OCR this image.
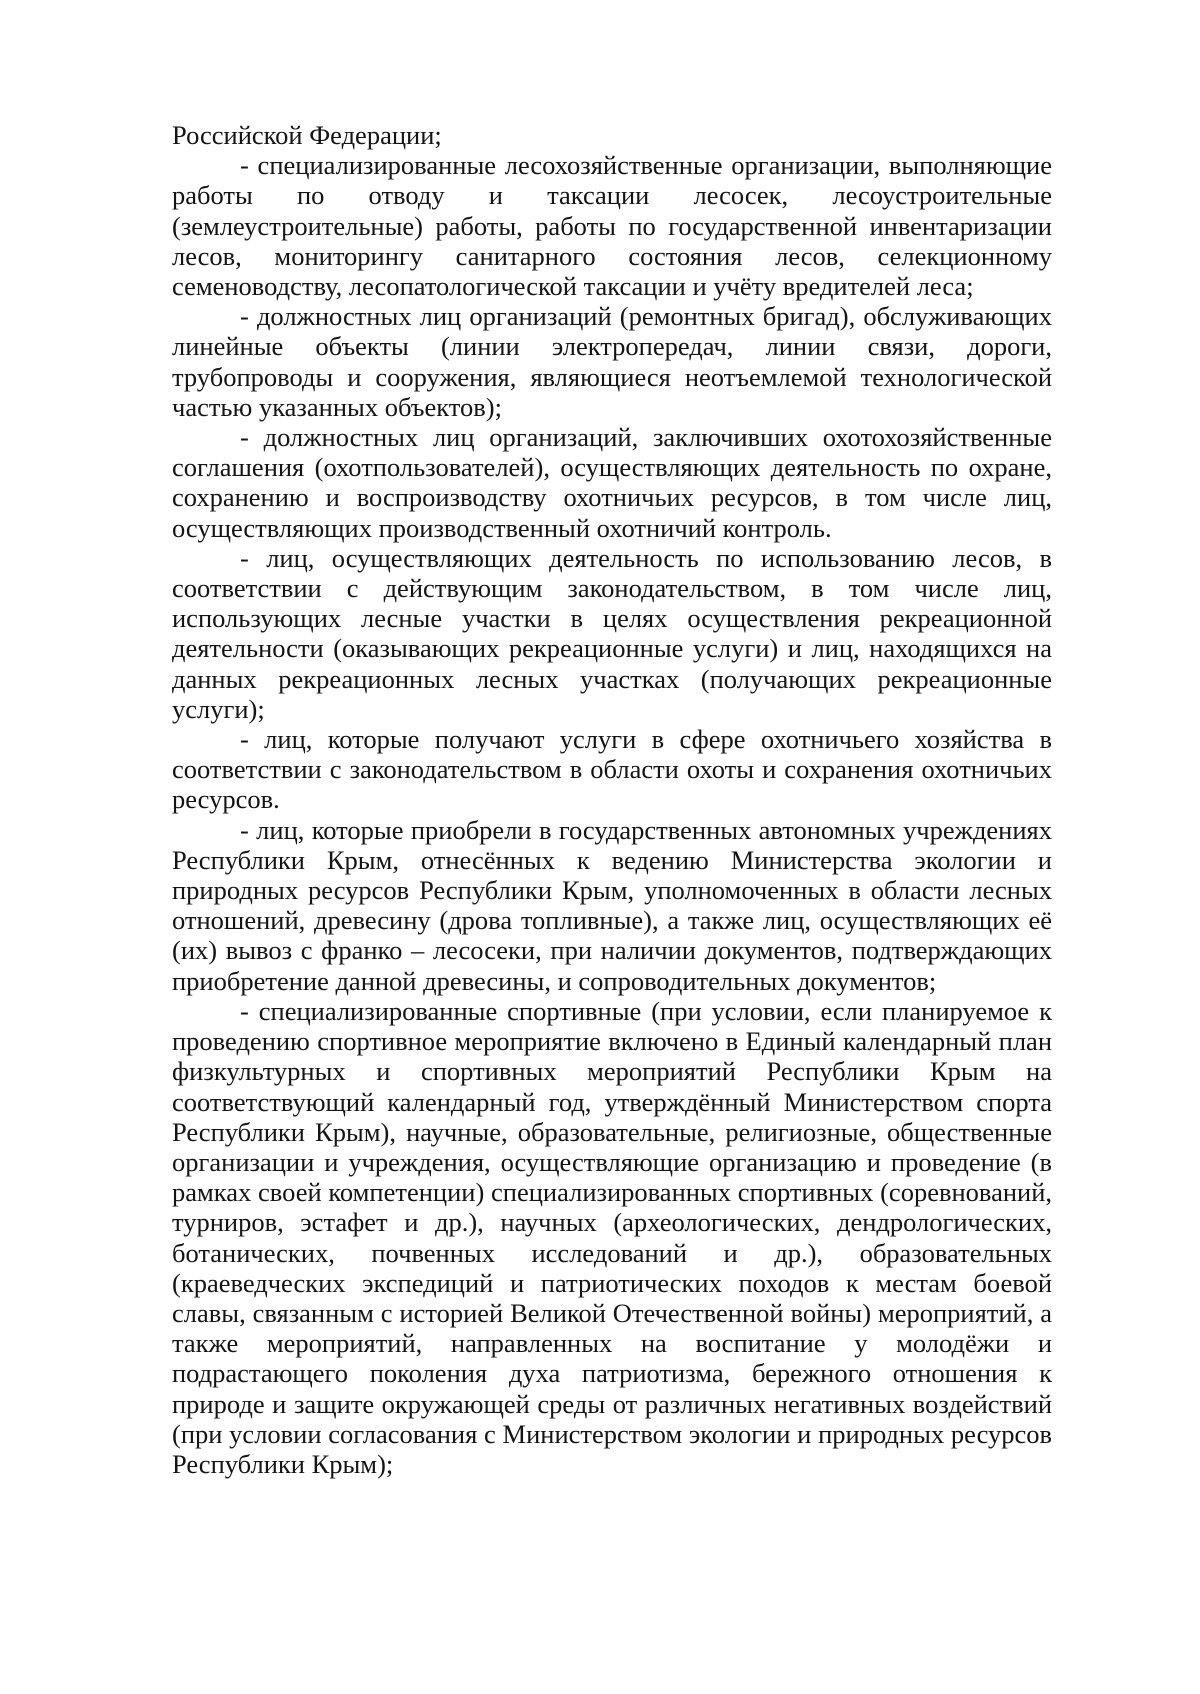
Российской Федерации;

- специализированные лесохозяйственные организации, выполняющие работы по отводу и таксации лесосек, лесоустроительные (землеустроительные) работы, работы по государственной инвентаризации лесов, мониторингу санитарного состояния лесов, селекционному семеноводству, лесопатологической таксации и учёту вредителей леса;

- должностных лиц организаций (ремонтных бригад), обслуживающих линейные объекты (линии электропередач, линии связи, дороги, трубопроводы и сооружения, являющиеся неотъемлемой технологической частью указанных объектов);

- должностных лиц организаций, заключивших охотохозяйственные соглашения (охотпользователей), осуществляющих деятельность по охране, сохранению и воспроизводству охотничьих ресурсов, в том числе лиц, осуществляющих производственный охотничий контроль.

- лиц, осуществляющих деятельность по использованию лесов, в соответствии с действующим законодательством, в том числе лиц, использующих лесные участки в целях осуществления рекреационной деятельности (оказывающих рекреационные услуги) и лиц, находящихся на данных рекреационных лесных участках (получающих рекреационные услуги);

- лиц, которые получают услуги в сфере охотничьего хозяйства в соответствии с законодательством в области охоты и сохранения охотничьих ресурсов.

- лиц, которые приобрели в государственных автономных учреждениях Республики Крым, отнесённых к ведению Министерства экологии и природных ресурсов Республики Крым, уполномоченных в области лесных отношений, древесину (дрова топливные), а также лиц, осуществляющих её (их) вывоз с франко – лесосеки, при наличии документов, подтверждающих приобретение данной древесины, и сопроводительных документов;

- специализированные спортивные (при условии, если планируемое к проведению спортивное мероприятие включено в Единый календарный план физкультурных и спортивных мероприятий Республики Крым на соответствующий календарный год, утверждённый Министерством спорта Республики Крым), научные, образовательные, религиозные, общественные организации и учреждения, осуществляющие организацию и проведение (в рамках своей компетенции) специализированных спортивных (соревнований, турниров, эстафет и др.), научных (археологических, дендрологических, ботанических, почвенных исследований и др.), образовательных (краеведческих экспедиций и патриотических походов к местам боевой славы, связанным с историей Великой Отечественной войны) мероприятий, а также мероприятий, направленных на воспитание у молодёжи и подрастающего поколения духа патриотизма, бережного отношения к природе и защите окружающей среды от различных негативных воздействий (при условии согласования с Министерством экологии и природных ресурсов Республики Крым);
